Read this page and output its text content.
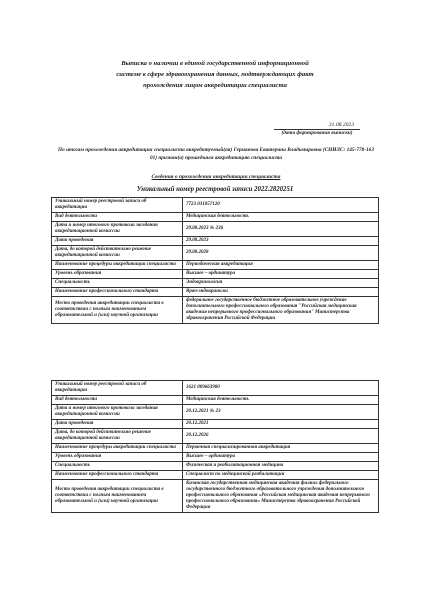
Выписка о наличии в единой государственной информационной
системе в сфере здравоохранения данных, подтверждающих факт
прохождения лицом аккредитации специалиста
31.08.2023
(дата формирования выписки)
По итогам прохождения аккредитации специалиста аккредитуемый(ая) Германова Екатерина Владимировна (СНИЛС: 145-778-163 01) признан(а) прошедшим аккредитацию специалиста
Сведения о прохождении аккредитации специалиста
Уникальный номер реестровой записи 2022.2820251
Уникальный номер реестровой записи об аккредитации	7723 031057120
Вид деятельности	Медицинская деятельность
Дата и номер итогового протокола заседания аккредитационной комиссии	29.08.2023 № 236
Дата проведения	29.08.2023
Дата, до которой действительно решение аккредитационной комиссии	29.08.2028
Наименование процедуры аккредитации специалиста	Периодическая аккредитация
Уровень образования	Высшее – ординатура
Специальность	Эндокринология
Наименование профессионального стандарта	Врач-эндокринолог
Место проведения аккредитации специалиста в соответствии с полным наименованием образовательной и (или) научной организации	федеральное государственное бюджетное образовательное учреждение дополнительного профессионального образования "Российская медицинская академия непрерывного профессионального образования" Министерства здравоохранения Российской Федерации
Уникальный номер реестровой записи об аккредитации	1621 009663900
Вид деятельности	Медицинская деятельность
Дата и номер итогового протокола заседания аккредитационной комиссии	20.12.2021 № 23
Дата проведения	20.12.2021
Дата, до которой действительно решение аккредитационной комиссии	20.12.2026
Наименование процедуры аккредитации специалиста	Первичная специализированная аккредитация
Уровень образования	Высшее – ординатура
Специальность	Физическая и реабилитационная медицина
Наименование профессионального стандарта	Специалист по медицинской реабилитации
Место проведения аккредитации специалиста в соответствии с полным наименованием образовательной и (или) научной организации	Казанская государственная медицинская академия филиал федерального государственного бюджетного образовательного учреждения дополнительного профессионального образования «Российская медицинская академия непрерывного профессионального образования» Министерства здравоохранения Российской Федерации
